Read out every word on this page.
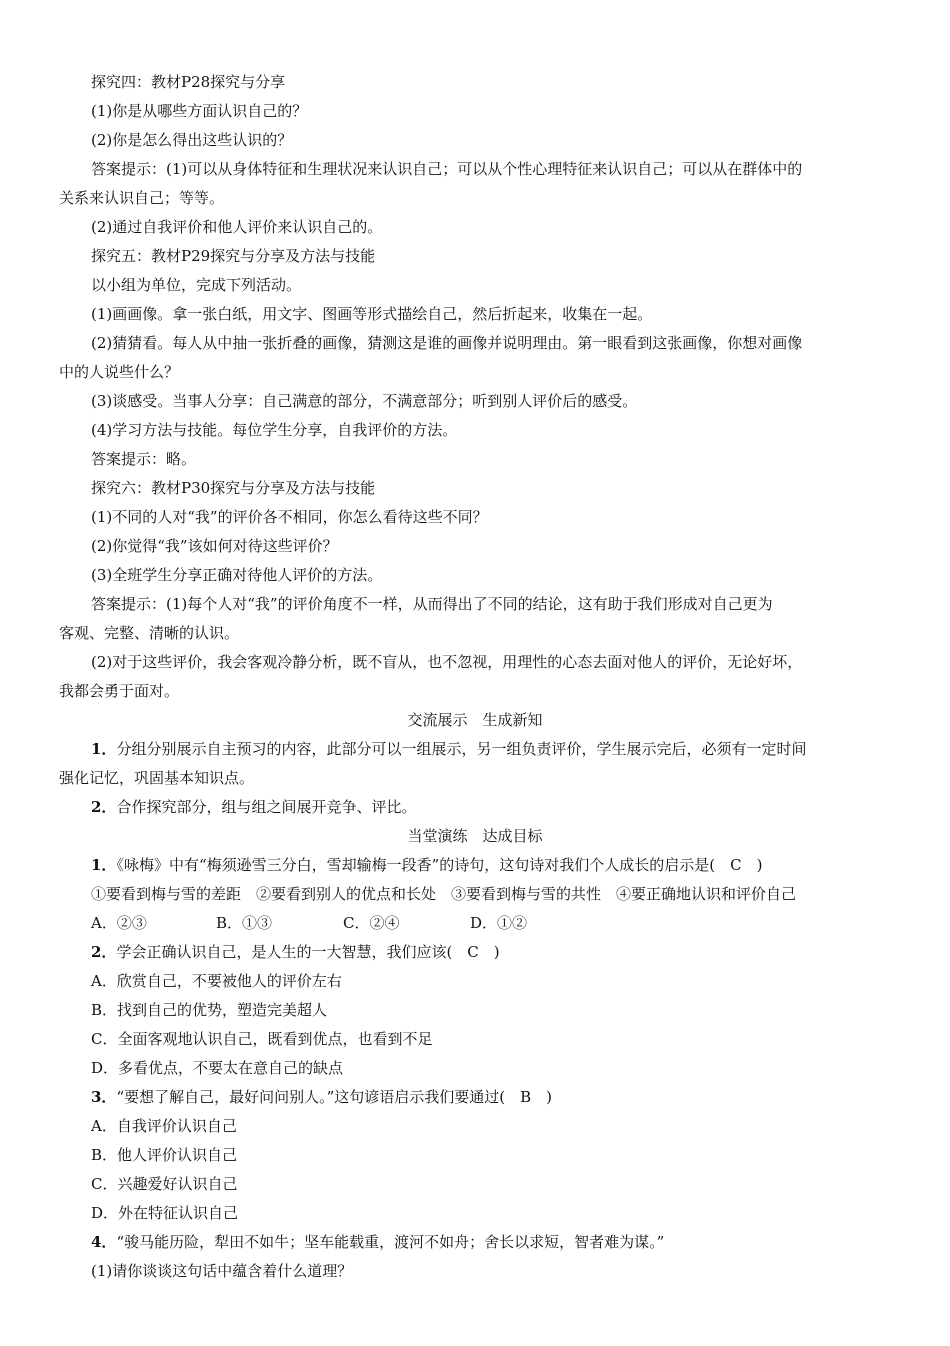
探究四：教材P28探究与分享
(1)你是从哪些方面认识自己的？
(2)你是怎么得出这些认识的？
答案提示：(1)可以从身体特征和生理状况来认识自己；可以从个性心理特征来认识自己；可以从在群体中的
关系来认识自己；等等。
(2)通过自我评价和他人评价来认识自己的。
探究五：教材P29探究与分享及方法与技能
以小组为单位，完成下列活动。
(1)画画像。拿一张白纸，用文字、图画等形式描绘自己，然后折起来，收集在一起。
(2)猜猜看。每人从中抽一张折叠的画像，猜测这是谁的画像并说明理由。第一眼看到这张画像，你想对画像
中的人说些什么？
(3)谈感受。当事人分享：自己满意的部分，不满意部分；听到别人评价后的感受。
(4)学习方法与技能。每位学生分享，自我评价的方法。
答案提示：略。
探究六：教材P30探究与分享及方法与技能
(1)不同的人对“我”的评价各不相同，你怎么看待这些不同？
(2)你觉得“我”该如何对待这些评价？
(3)全班学生分享正确对待他人评价的方法。
答案提示：(1)每个人对“我”的评价角度不一样，从而得出了不同的结论，这有助于我们形成对自己更为
客观、完整、清晰的认识。
(2)对于这些评价，我会客观冷静分析，既不盲从，也不忽视，用理性的心态去面对他人的评价，无论好坏，
我都会勇于面对。
交流展示　生成新知
1．分组分别展示自主预习的内容，此部分可以一组展示，另一组负责评价，学生展示完后，必须有一定时间
强化记忆，巩固基本知识点。
2．合作探究部分，组与组之间展开竞争、评比。
当堂演练　达成目标
1．《咏梅》中有“梅须逊雪三分白，雪却输梅一段香”的诗句，这句诗对我们个人成长的启示是(　C　)
①要看到梅与雪的差距　②要看到别人的优点和长处　③要看到梅与雪的共性　④要正确地认识和评价自己
A．②③	B．①③	C．②④	D．①②
2．学会正确认识自己，是人生的一大智慧，我们应该(　C　)
A．欣赏自己，不要被他人的评价左右
B．找到自己的优势，塑造完美超人
C．全面客观地认识自己，既看到优点，也看到不足
D．多看优点，不要太在意自己的缺点
3．“要想了解自己，最好问问别人。”这句谚语启示我们要通过(　B　)
A．自我评价认识自己
B．他人评价认识自己
C．兴趣爱好认识自己
D．外在特征认识自己
4．“骏马能历险，犁田不如牛；坚车能载重，渡河不如舟；舍长以求短，智者难为谋。”
(1)请你谈谈这句话中蕴含着什么道理？
